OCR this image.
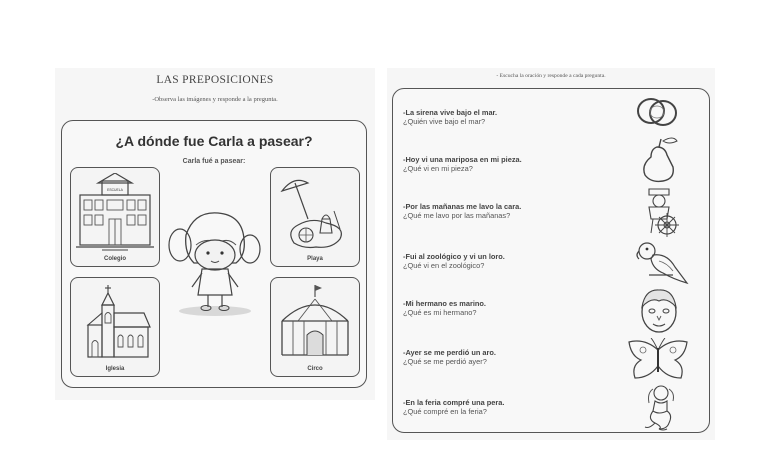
LAS PREPOSICIONES
-Observa las imágenes y responde a la pregunta.
¿A dónde fue Carla a pasear?
Carla fué a pasear:
ESCUELA
Colegio	Playa
Iglesia	Circo
- Escucha la oración y responde a cada pregunta.
-La sirena vive bajo el mar.
¿Quién vive bajo el mar?
-Hoy vi una mariposa en mi pieza.
¿Qué vi en mi pieza?
-Por las mañanas me lavo la cara.
¿Qué me lavo por las mañanas?
-Fui al zoológico y vi un loro.
¿Qué vi en el zoológico?
-Mi hermano es marino.
¿Qué es mi hermano?
-Ayer se me perdió un aro.
¿Qué se me perdió ayer?
-En la feria compré una pera.
¿Qué compré en la feria?
